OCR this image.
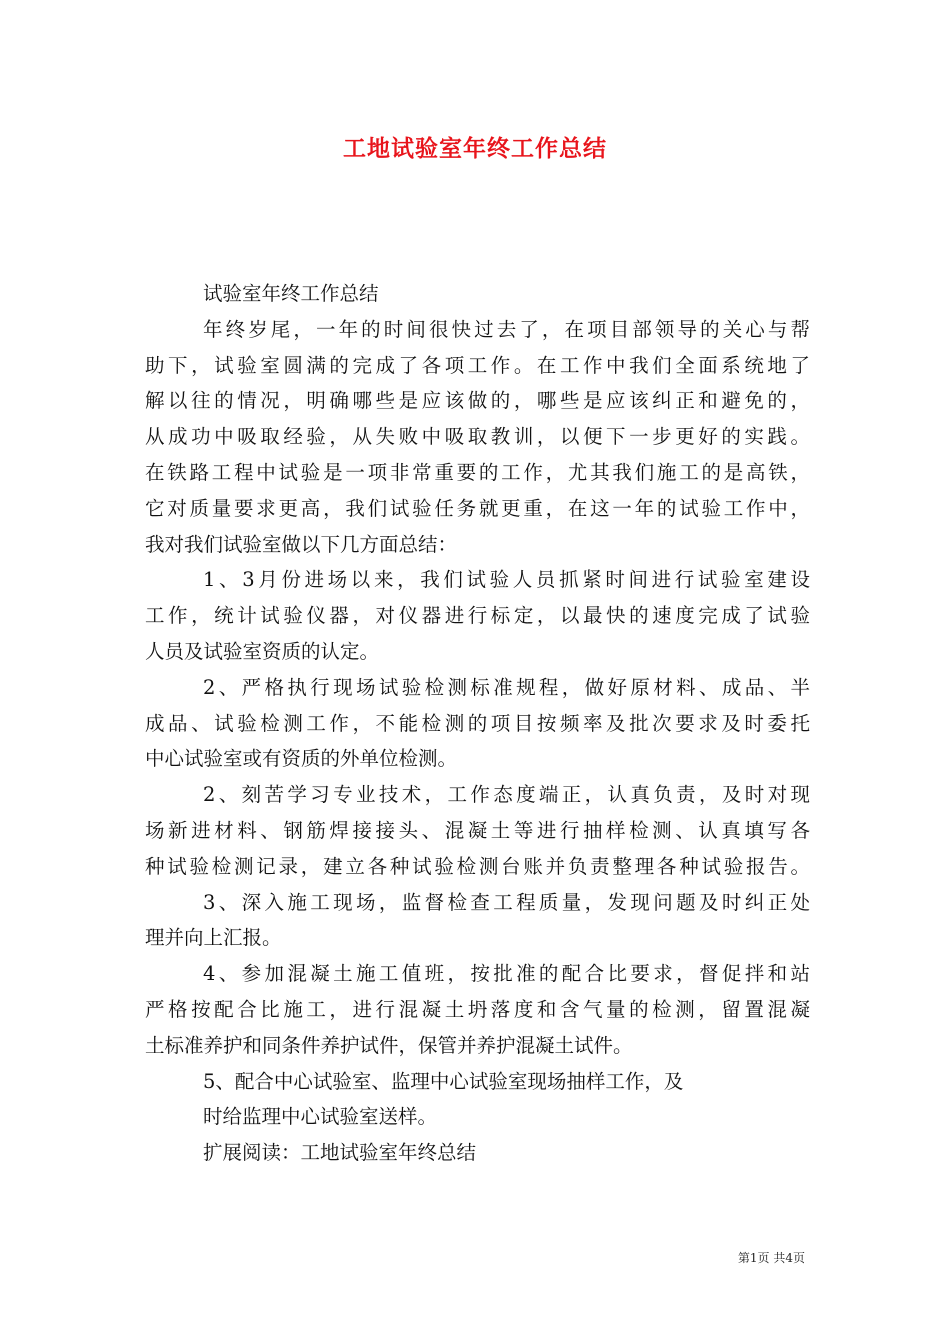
工地试验室年终工作总结
试验室年终工作总结
年终岁尾，一年的时间很快过去了，在项目部领导的关心与帮
助下，试验室圆满的完成了各项工作。在工作中我们全面系统地了
解以往的情况，明确哪些是应该做的，哪些是应该纠正和避免的，
从成功中吸取经验，从失败中吸取教训，以便下一步更好的实践。
在铁路工程中试验是一项非常重要的工作，尤其我们施工的是高铁，
它对质量要求更高，我们试验任务就更重，在这一年的试验工作中，
我对我们试验室做以下几方面总结：
1、3月份进场以来，我们试验人员抓紧时间进行试验室建设
工作，统计试验仪器，对仪器进行标定，以最快的速度完成了试验
人员及试验室资质的认定。
2、严格执行现场试验检测标准规程，做好原材料、成品、半
成品、试验检测工作，不能检测的项目按频率及批次要求及时委托
中心试验室或有资质的外单位检测。
2、刻苦学习专业技术，工作态度端正，认真负责，及时对现
场新进材料、钢筋焊接接头、混凝土等进行抽样检测、认真填写各
种试验检测记录，建立各种试验检测台账并负责整理各种试验报告。
3、深入施工现场，监督检查工程质量，发现问题及时纠正处
理并向上汇报。
4、参加混凝土施工值班，按批准的配合比要求，督促拌和站
严格按配合比施工，进行混凝土坍落度和含气量的检测，留置混凝
土标准养护和同条件养护试件，保管并养护混凝土试件。
5、配合中心试验室、监理中心试验室现场抽样工作，及
时给监理中心试验室送样。
扩展阅读：工地试验室年终总结
第1页 共4页
